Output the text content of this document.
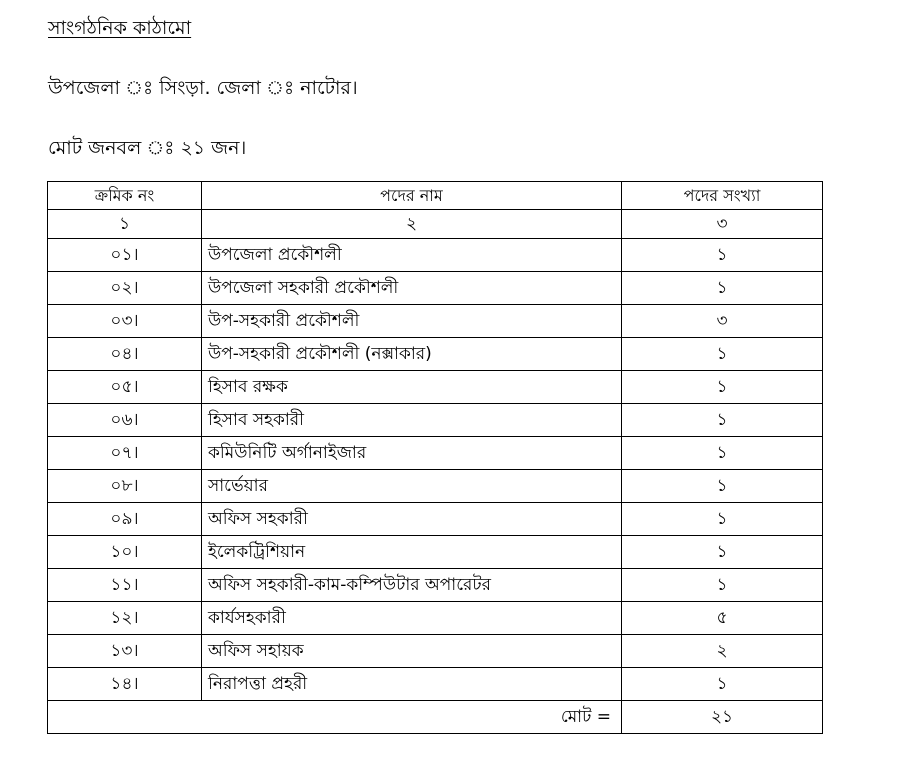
সাংগঠনিক কাঠামো
উপজেলা ঃ সিংড়া. জেলা ঃ নাটোর।
মোট জনবল ঃ ২১ জন।
ক্রমিক নং	পদের নাম	পদের সংখ্যা
১	২	৩
০১।	উপজেলা প্রকৌশলী	১
০২।	উপজেলা সহকারী প্রকৌশলী	১
০৩।	উপ-সহকারী প্রকৌশলী	৩
০৪।	উপ-সহকারী প্রকৌশলী (নক্সাকার)	১
০৫।	হিসাব রক্ষক	১
০৬।	হিসাব সহকারী	১
০৭।	কমিউনিটি অর্গানাইজার	১
০৮।	সার্ভেয়ার	১
০৯।	অফিস সহকারী	১
১০।	ইলেকট্রিশিয়ান	১
১১।	অফিস সহকারী-কাম-কম্পিউটার অপারেটর	১
১২।	কার্যসহকারী	৫
১৩।	অফিস সহায়ক	২
১৪।	নিরাপত্তা প্রহরী	১
মোট =		২১
